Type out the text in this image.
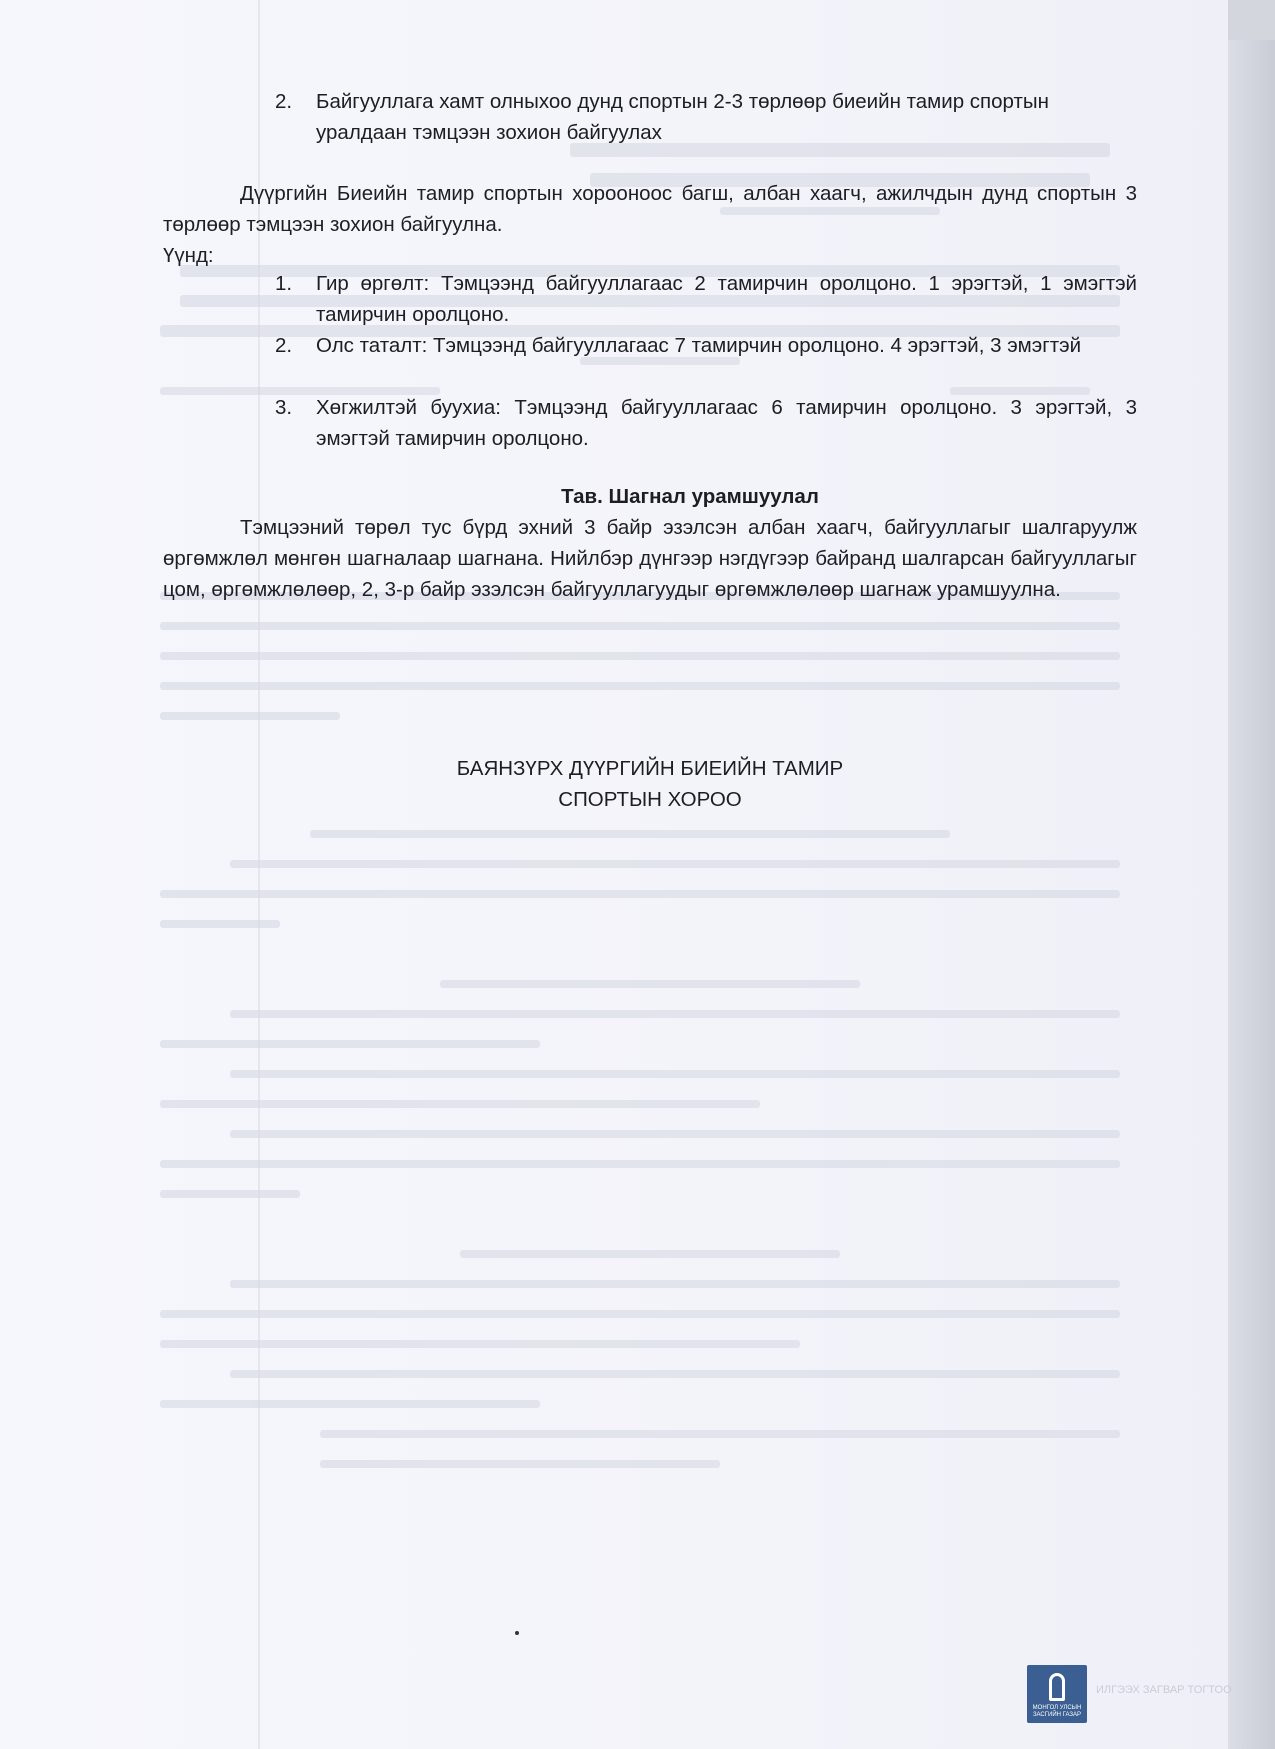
2.	Байгууллага хамт олныхоо дунд спортын 2-3 төрлөөр биеийн тамир спортын уралдаан тэмцээн зохион байгуулах
Дүүргийн Биеийн тамир спортын хорооноос багш, албан хаагч, ажилчдын дунд спортын 3 төрлөөр тэмцээн зохион байгуулна.
Үүнд:
1.	Гир өргөлт: Тэмцээнд байгууллагаас 2 тамирчин оролцоно. 1 эрэгтэй, 1 эмэгтэй тамирчин оролцоно.
2.	Олс таталт: Тэмцээнд байгууллагаас 7 тамирчин оролцоно. 4 эрэгтэй, 3 эмэгтэй
3.	Хөгжилтэй буухиа: Тэмцээнд байгууллагаас 6 тамирчин оролцоно. 3 эрэгтэй, 3 эмэгтэй тамирчин оролцоно.
Тав. Шагнал урамшуулал
Тэмцээний төрөл тус бүрд эхний 3 байр эзэлсэн албан хаагч, байгууллагыг шалгаруулж өргөмжлөл мөнгөн шагналаар шагнана. Нийлбэр дүнгээр нэгдүгээр байранд шалгарсан байгууллагыг цом, өргөмжлөлөөр, 2, 3-р байр эзэлсэн байгууллагуудыг өргөмжлөлөөр шагнаж урамшуулна.
БАЯНЗҮРХ ДҮҮРГИЙН БИЕИЙН ТАМИР
СПОРТЫН ХОРОО
МОНГОЛ УЛСЫН ЗАСГИЙН ГАЗАР
ИЛГЭЭХ ЗАГВАР ТОГТОО
